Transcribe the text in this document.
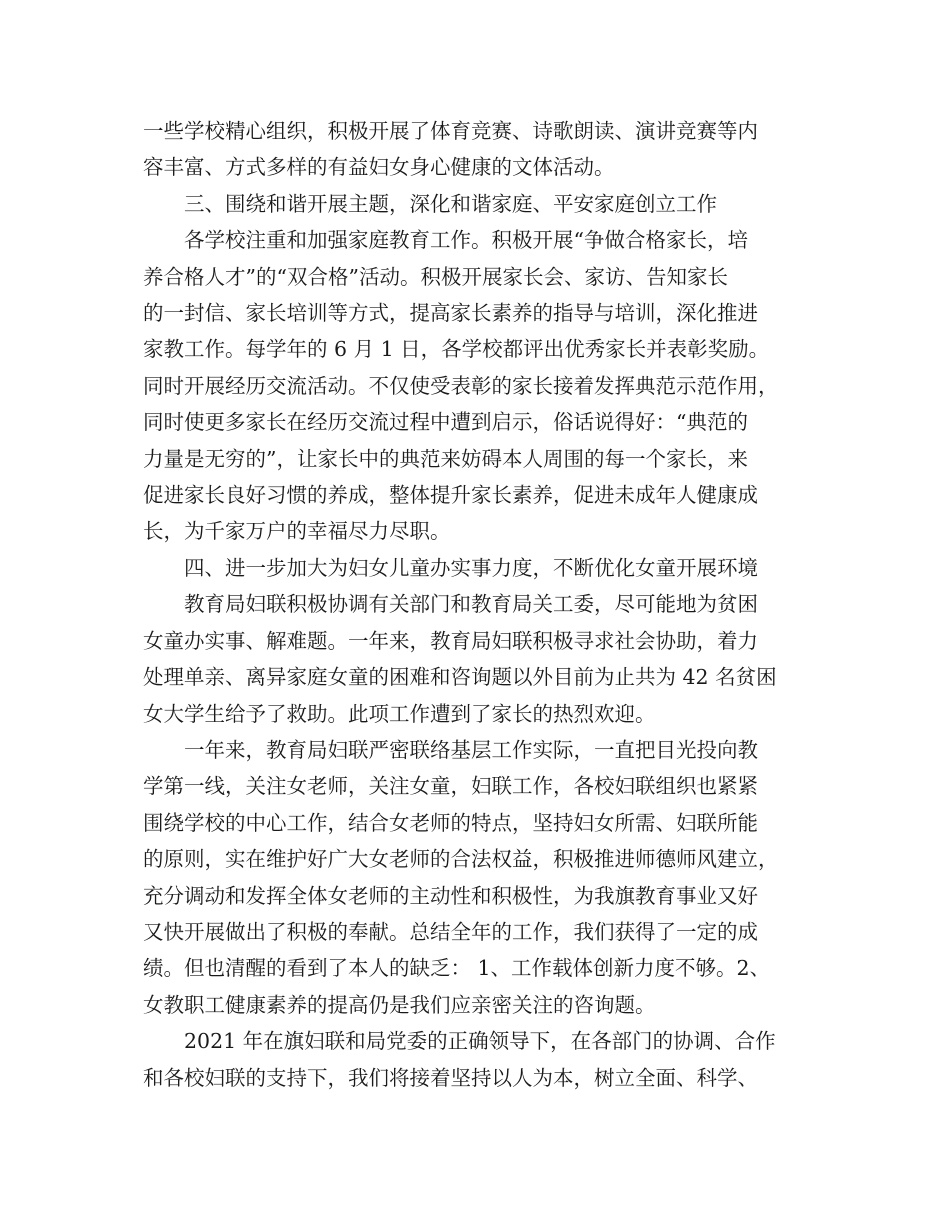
一些学校精心组织，积极开展了体育竞赛、诗歌朗读、演讲竞赛等内
容丰富、方式多样的有益妇女身心健康的文体活动。

三、围绕和谐开展主题，深化和谐家庭、平安家庭创立工作

各学校注重和加强家庭教育工作。积极开展“争做合格家长，培
养合格人才”的“双合格”活动。积极开展家长会、家访、告知家长
的一封信、家长培训等方式，提高家长素养的指导与培训，深化推进
家教工作。每学年的 6 月 1 日，各学校都评出优秀家长并表彰奖励。
同时开展经历交流活动。不仅使受表彰的家长接着发挥典范示范作用，
同时使更多家长在经历交流过程中遭到启示，俗话说得好：“典范的
力量是无穷的”，让家长中的典范来妨碍本人周围的每一个家长，来
促进家长良好习惯的养成，整体提升家长素养，促进未成年人健康成
长，为千家万户的幸福尽力尽职。

四、进一步加大为妇女儿童办实事力度，不断优化女童开展环境

教育局妇联积极协调有关部门和教育局关工委，尽可能地为贫困
女童办实事、解难题。一年来，教育局妇联积极寻求社会协助，着力
处理单亲、离异家庭女童的困难和咨询题以外目前为止共为 42 名贫困
女大学生给予了救助。此项工作遭到了家长的热烈欢迎。

一年来，教育局妇联严密联络基层工作实际，一直把目光投向教
学第一线，关注女老师，关注女童，妇联工作，各校妇联组织也紧紧
围绕学校的中心工作，结合女老师的特点，坚持妇女所需、妇联所能
的原则，实在维护好广大女老师的合法权益，积极推进师德师风建立，
充分调动和发挥全体女老师的主动性和积极性，为我旗教育事业又好
又快开展做出了积极的奉献。总结全年的工作，我们获得了一定的成
绩。但也清醒的看到了本人的缺乏： 1、工作载体创新力度不够。2、
女教职工健康素养的提高仍是我们应亲密关注的咨询题。

2021 年在旗妇联和局党委的正确领导下，在各部门的协调、合作
和各校妇联的支持下，我们将接着坚持以人为本，树立全面、科学、
